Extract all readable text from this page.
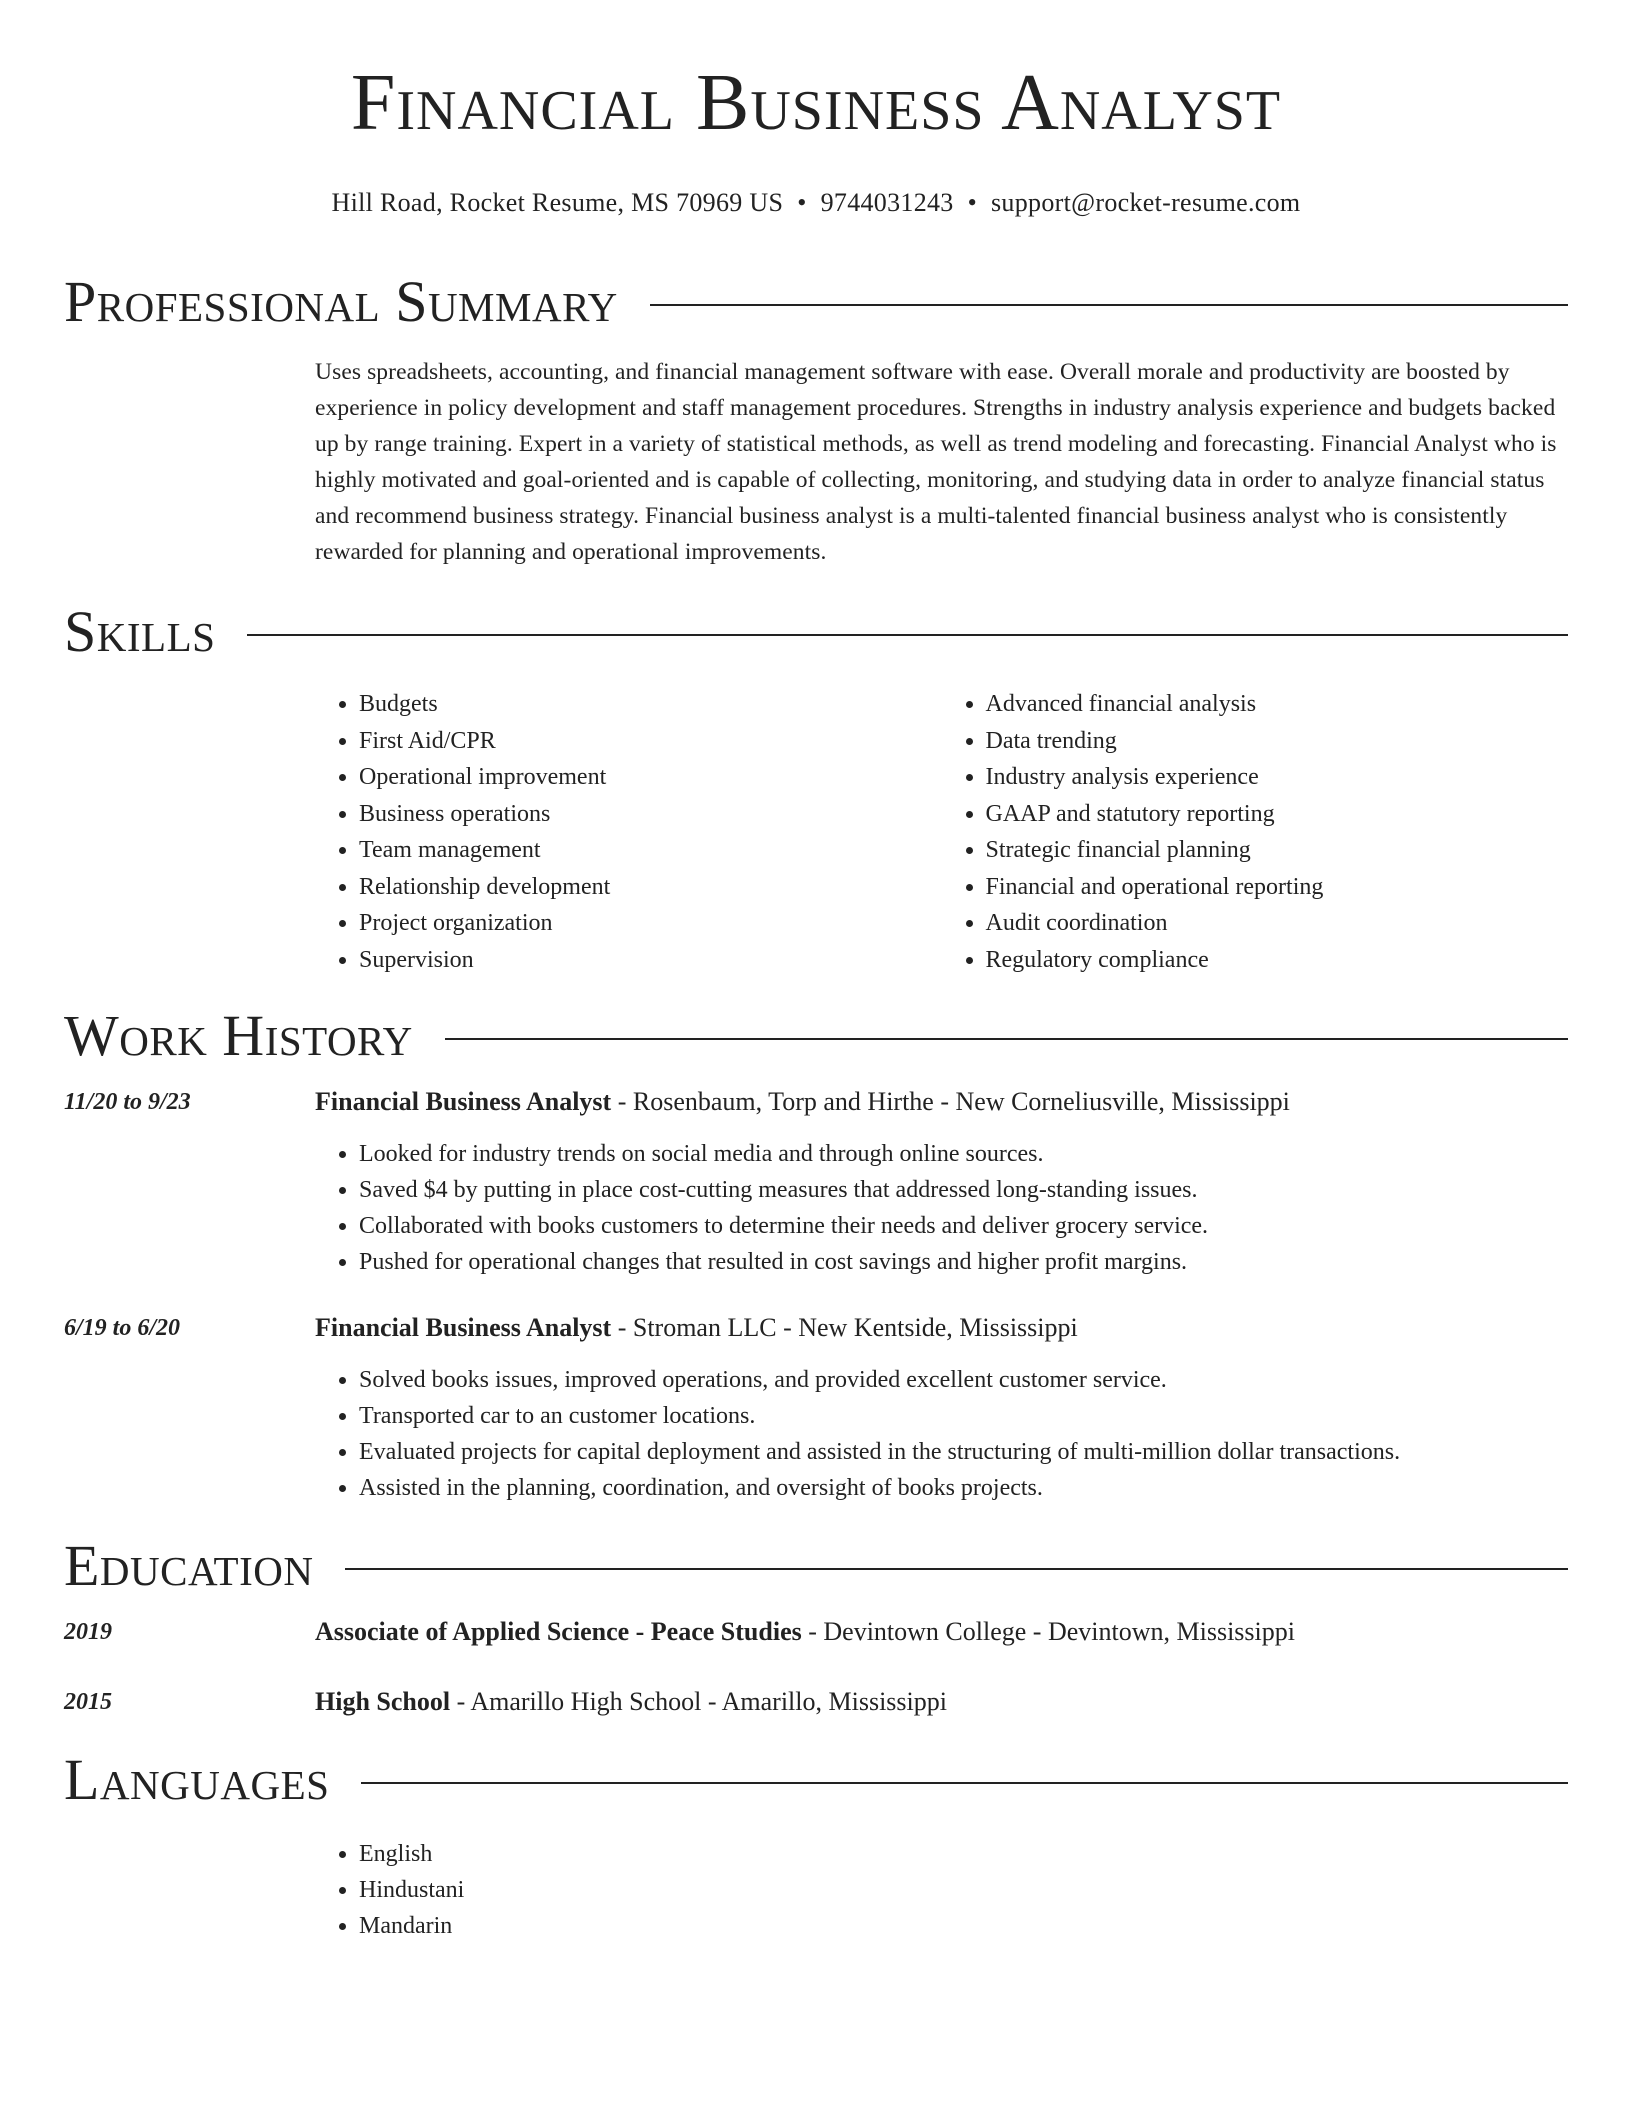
Financial Business Analyst
Hill Road, Rocket Resume, MS 70969 US • 9744031243 • support@rocket-resume.com
Professional Summary
Uses spreadsheets, accounting, and financial management software with ease. Overall morale and productivity are boosted by experience in policy development and staff management procedures. Strengths in industry analysis experience and budgets backed up by range training. Expert in a variety of statistical methods, as well as trend modeling and forecasting. Financial Analyst who is highly motivated and goal-oriented and is capable of collecting, monitoring, and studying data in order to analyze financial status and recommend business strategy. Financial business analyst is a multi-talented financial business analyst who is consistently rewarded for planning and operational improvements.
Skills
• Budgets
• First Aid/CPR
• Operational improvement
• Business operations
• Team management
• Relationship development
• Project organization
• Supervision
• Advanced financial analysis
• Data trending
• Industry analysis experience
• GAAP and statutory reporting
• Strategic financial planning
• Financial and operational reporting
• Audit coordination
• Regulatory compliance
Work History
11/20 to 9/23	Financial Business Analyst - Rosenbaum, Torp and Hirthe - New Corneliusville, Mississippi
• Looked for industry trends on social media and through online sources.
• Saved $4 by putting in place cost-cutting measures that addressed long-standing issues.
• Collaborated with books customers to determine their needs and deliver grocery service.
• Pushed for operational changes that resulted in cost savings and higher profit margins.
6/19 to 6/20	Financial Business Analyst - Stroman LLC - New Kentside, Mississippi
• Solved books issues, improved operations, and provided excellent customer service.
• Transported car to an customer locations.
• Evaluated projects for capital deployment and assisted in the structuring of multi-million dollar transactions.
• Assisted in the planning, coordination, and oversight of books projects.
Education
2019	Associate of Applied Science - Peace Studies - Devintown College - Devintown, Mississippi
2015	High School - Amarillo High School - Amarillo, Mississippi
Languages
• English
• Hindustani
• Mandarin
